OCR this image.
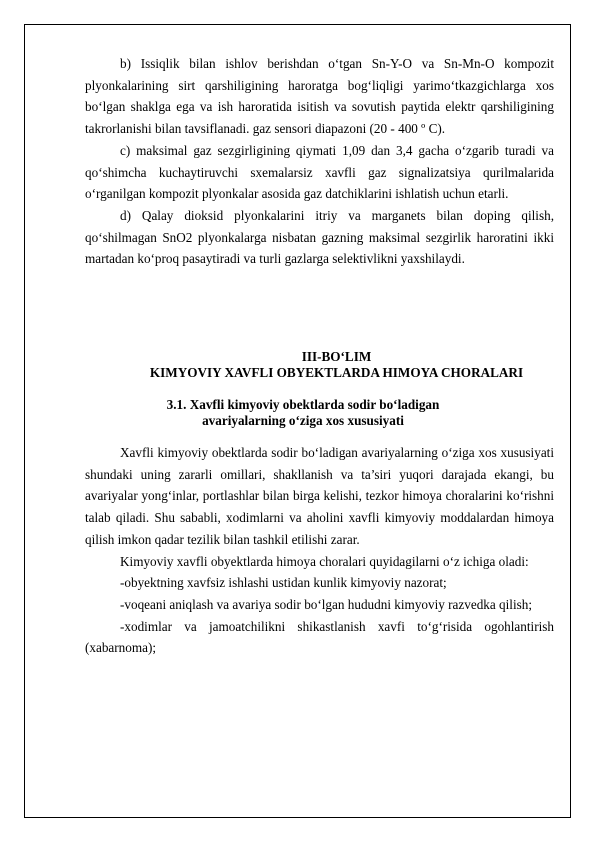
b) Issiqlik bilan ishlov berishdan o‘tgan Sn-Y-O va Sn-Mn-O kompozit plyonkalarining sirt qarshiligining haroratga bog‘liqligi yarimo‘tkazgichlarga xos bo‘lgan shaklga ega va ish haroratida isitish va sovutish paytida elektr qarshiligining takrorlanishi bilan tavsiflanadi. gaz sensori diapazoni (20 - 400 º C).

c) maksimal gaz sezgirligining qiymati 1,09 dan 3,4 gacha o‘zgarib turadi va qo‘shimcha kuchaytiruvchi sxemalarsiz xavfli gaz signalizatsiya qurilmalarida o‘rganilgan kompozit plyonkalar asosida gaz datchiklarini ishlatish uchun etarli.

d) Qalay dioksid plyonkalarini itriy va marganets bilan doping qilish, qo‘shilmagan SnO2 plyonkalarga nisbatan gazning maksimal sezgirlik haroratini ikki martadan ko‘proq pasaytiradi va turli gazlarga selektivlikni yaxshilaydi.

III-BO‘LIM
KIMYOVIY XAVFLI OBYEKTLARDA HIMOYA CHORALARI
3.1. Xavfli kimyoviy obektlarda sodir bo‘ladigan
avariyalarning o‘ziga xos xususiyati

Xavfli kimyoviy obektlarda sodir bo‘ladigan avariyalarning o‘ziga xos xususiyati shundaki uning zararli omillari, shakllanish va ta’siri yuqori darajada ekangi, bu avariyalar yong‘inlar, portlashlar bilan birga kelishi, tezkor himoya choralarini ko‘rishni talab qiladi. Shu sababli, xodimlarni va aholini xavfli kimyoviy moddalardan himoya qilish imkon qadar tezilik bilan tashkil etilishi zarar.

Kimyoviy xavfli obyektlarda himoya choralari quyidagilarni o‘z ichiga oladi:

-obyektning xavfsiz ishlashi ustidan kunlik kimyoviy nazorat;

-voqeani aniqlash va avariya sodir bo‘lgan hududni kimyoviy razvedka qilish;

-xodimlar va jamoatchilikni shikastlanish xavfi to‘g‘risida ogohlantirish (xabarnoma);
